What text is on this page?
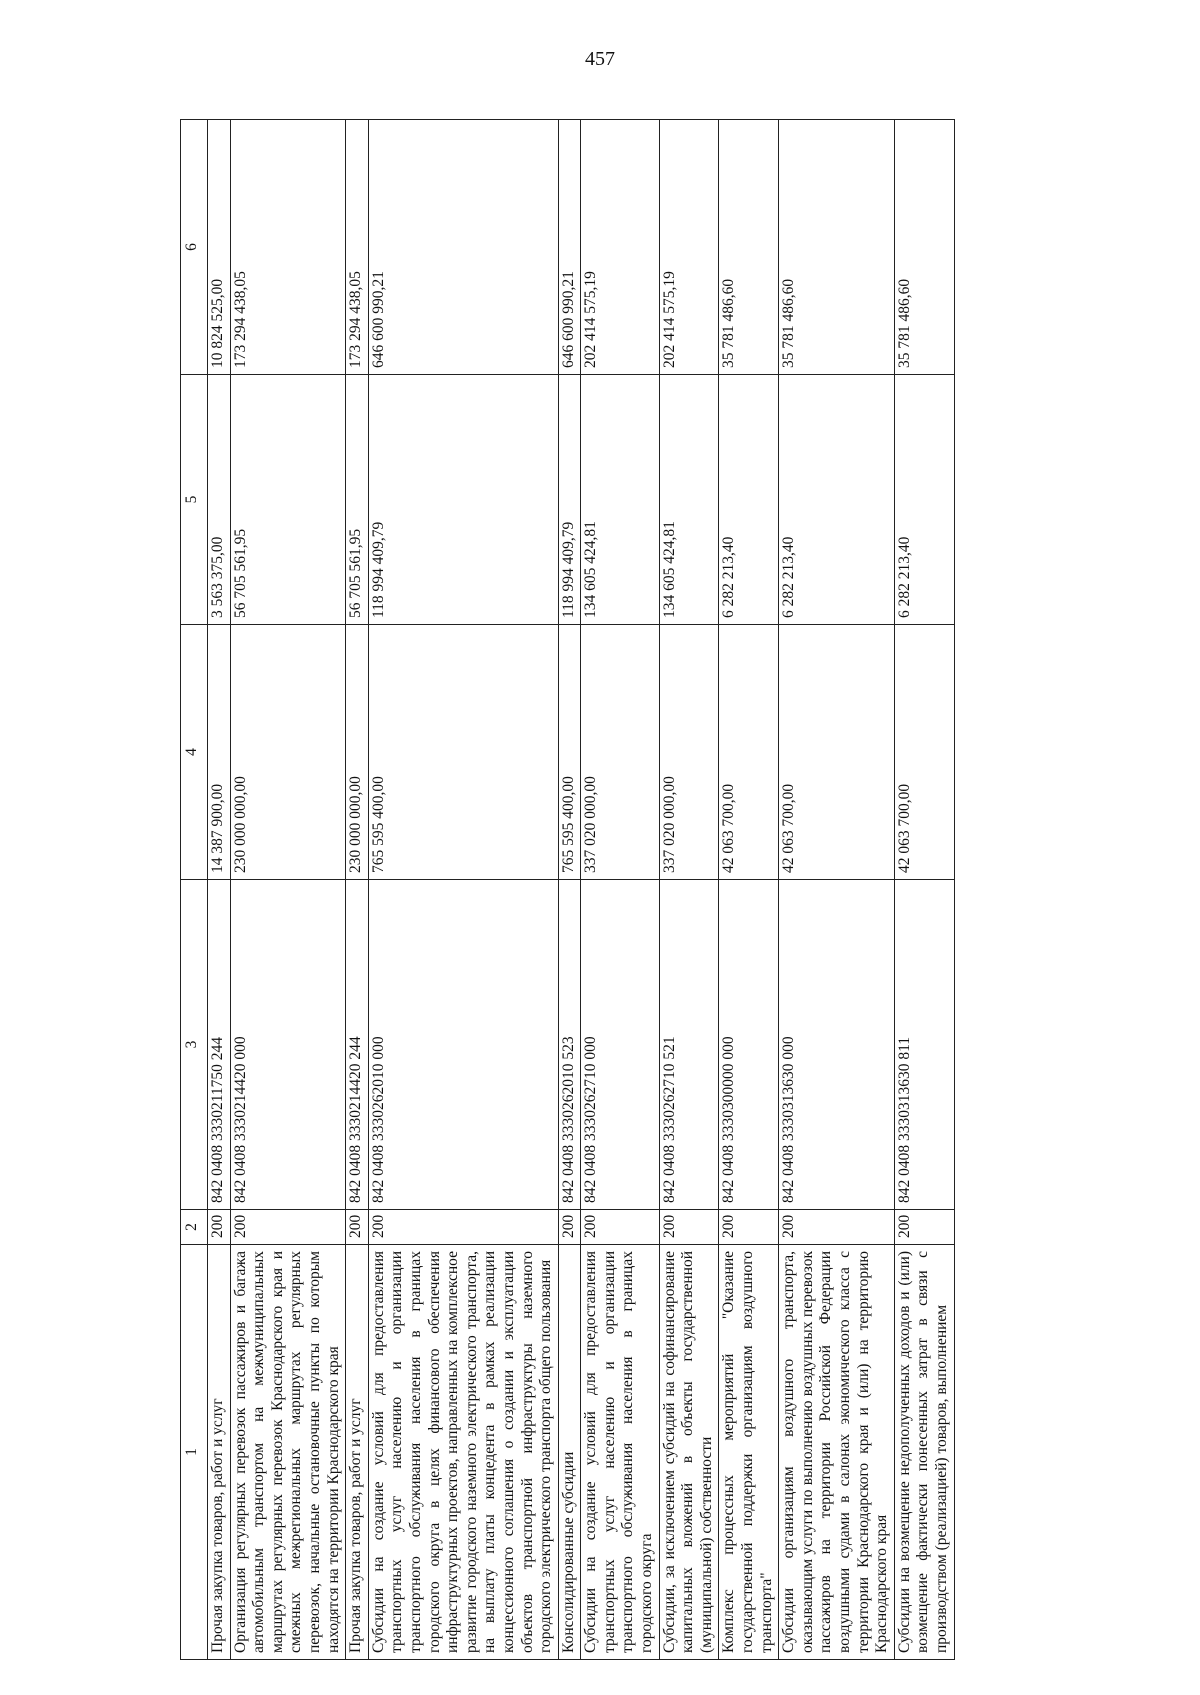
457
1	2	3	4	5	6
Прочая закупка товаров, работ и услуг	200	842 0408 3330211750 244	14 387 900,00	3 563 375,00	10 824 525,00
Организация регулярных перевозок пассажиров и багажа автомобильным транспортом на межмуниципальных маршрутах регулярных перевозок Краснодарского края и смежных межрегиональных маршрутах регулярных перевозок, начальные остановочные пункты по которым находятся на территории Краснодарского края	200	842 0408 3330214420 000	230 000 000,00	56 705 561,95	173 294 438,05
Прочая закупка товаров, работ и услуг	200	842 0408 3330214420 244	230 000 000,00	56 705 561,95	173 294 438,05
Субсидии на создание условий для предоставления транспортных услуг населению и организации транспортного обслуживания населения в границах городского округа в целях финансового обеспечения инфраструктурных проектов, направленных на комплексное развитие городского наземного электрического транспорта, на выплату платы концедента в рамках реализации концессионного соглашения о создании и эксплуатации объектов транспортной инфраструктуры наземного городского электрического транспорта общего пользования	200	842 0408 3330262010 000	765 595 400,00	118 994 409,79	646 600 990,21
Консолидированные субсидии	200	842 0408 3330262010 523	765 595 400,00	118 994 409,79	646 600 990,21
Субсидии на создание условий для предоставления транспортных услуг населению и организации транспортного обслуживания населения в границах городского округа	200	842 0408 3330262710 000	337 020 000,00	134 605 424,81	202 414 575,19
Субсидии, за исключением субсидий на софинансирование капитальных вложений в объекты государственной (муниципальной) собственности	200	842 0408 3330262710 521	337 020 000,00	134 605 424,81	202 414 575,19
Комплекс процессных мероприятий "Оказание государственной поддержки организациям воздушного транспорта"	200	842 0408 3330300000 000	42 063 700,00	6 282 213,40	35 781 486,60
Субсидии организациям воздушного транспорта, оказывающим услуги по выполнению воздушных перевозок пассажиров на территории Российской Федерации воздушными судами в салонах экономического класса с территории Краснодарского края и (или) на территорию Краснодарского края	200	842 0408 3330313630 000	42 063 700,00	6 282 213,40	35 781 486,60
Субсидии на возмещение недополученных доходов и (или) возмещение фактически понесенных затрат в связи с производством (реализацией) товаров, выполнением	200	842 0408 3330313630 811	42 063 700,00	6 282 213,40	35 781 486,60
